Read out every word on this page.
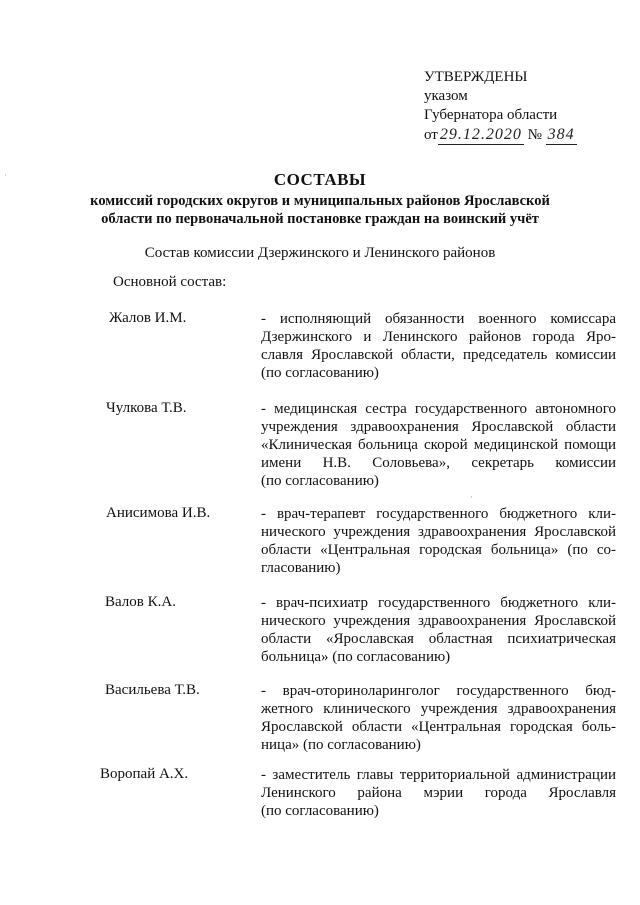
УТВЕРЖДЕНЫ
указом
Губернатора области
от 29.12.2020 № 384
СОСТАВЫ
комиссий городских округов и муниципальных районов Ярославской
области по первоначальной постановке граждан на воинский учёт
Состав комиссии Дзержинского и Ленинского районов
Основной состав:
Жалов И.М.	- исполняющий обязанности военного комиссара
Дзержинского и Ленинского районов города Яро-
славля Ярославской области, председатель комиссии
(по согласованию)
Чулкова Т.В.	- медицинская сестра государственного автономного
учреждения здравоохранения Ярославской области
«Клиническая больница скорой медицинской помощи
имени Н.В. Соловьева», секретарь комиссии
(по согласованию)
Анисимова И.В.	- врач-терапевт государственного бюджетного кли-
нического учреждения здравоохранения Ярославской
области «Центральная городская больница» (по со-
гласованию)
Валов К.А.	- врач-психиатр государственного бюджетного кли-
нического учреждения здравоохранения Ярославской
области «Ярославская областная психиатрическая
больница» (по согласованию)
Васильева Т.В.	- врач-оториноларинголог государственного бюд-
жетного клинического учреждения здравоохранения
Ярославской области «Центральная городская боль-
ница» (по согласованию)
Воропай А.Х.	- заместитель главы территориальной администрации
Ленинского района мэрии города Ярославля
(по согласованию)
·
·
